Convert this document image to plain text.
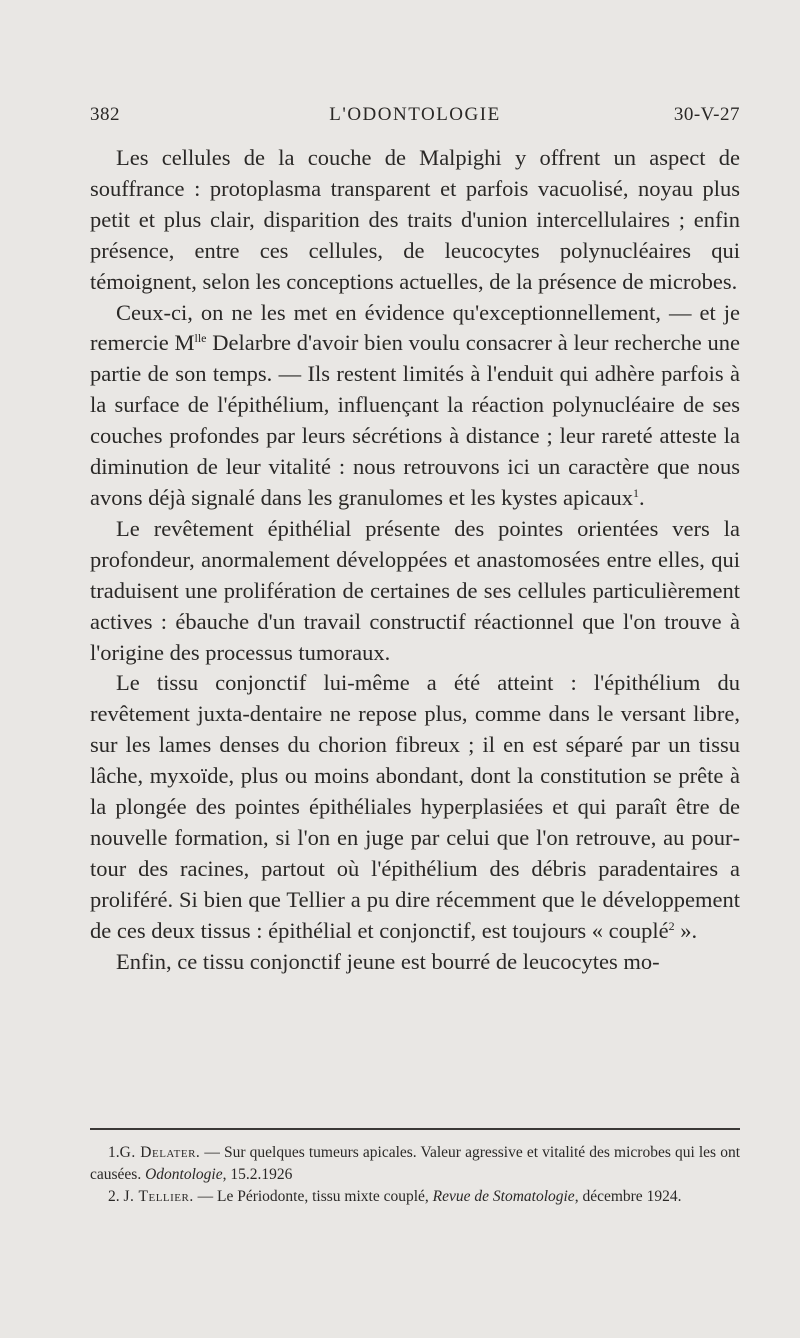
382	L'ODONTOLOGIE	30-V-27

Les cellules de la couche de Malpighi y offrent un aspect de souffrance : protoplasma transparent et parfois vacuolisé, noyau plus petit et plus clair, disparition des traits d'union intercellulaires ; enfin présence, entre ces cellules, de leucocytes polynucléaires qui témoignent, selon les conceptions actuelles, de la présence de microbes.

Ceux-ci, on ne les met en évidence qu'exceptionnellement, — et je remercie $M^{lle}$ Delarbre d'avoir bien voulu consacrer à leur recherche une partie de son temps. — Ils restent limités à l'enduit qui adhère parfois à la surface de l'épithélium, influençant la réaction polynucléaire de ses couches profondes par leurs sécrétions à distance ; leur rareté atteste la diminution de leur vitalité : nous retrouvons ici un caractère que nous avons déjà signalé dans les granulomes et les kystes apicaux$^1$.

Le revêtement épithélial présente des pointes orientées vers la profondeur, anormalement développées et anastomosées entre elles, qui traduisent une prolifération de certaines de ses cellules particulièrement actives : ébauche d'un travail constructif réactionnel que l'on trouve à l'origine des processus tumoraux.

Le tissu conjonctif lui-même a été atteint : l'épithélium du revêtement juxta-dentaire ne repose plus, comme dans le versant libre, sur les lames denses du chorion fibreux ; il en est séparé par un tissu lâche, myxoïde, plus ou moins abondant, dont la constitution se prête à la plongée des pointes épithéliales hyperplasiées et qui paraît être de nouvelle formation, si l'on en juge par celui que l'on retrouve, au pourtour des racines, partout où l'épithélium des débris paradentaires a proliféré. Si bien que Tellier a pu dire récemment que le développement de ces deux tissus : épithélial et conjonctif, est toujours « couplé$^2$ ».

Enfin, ce tissu conjonctif jeune est bourré de leucocytes mo-

1.G. Delater. — Sur quelques tumeurs apicales. Valeur agressive et vitalité des microbes qui les ont causées. Odontologie, 15.2.1926

2. J. Tellier. — Le Périodonte, tissu mixte couplé, Revue de Stomatologie, décembre 1924.
